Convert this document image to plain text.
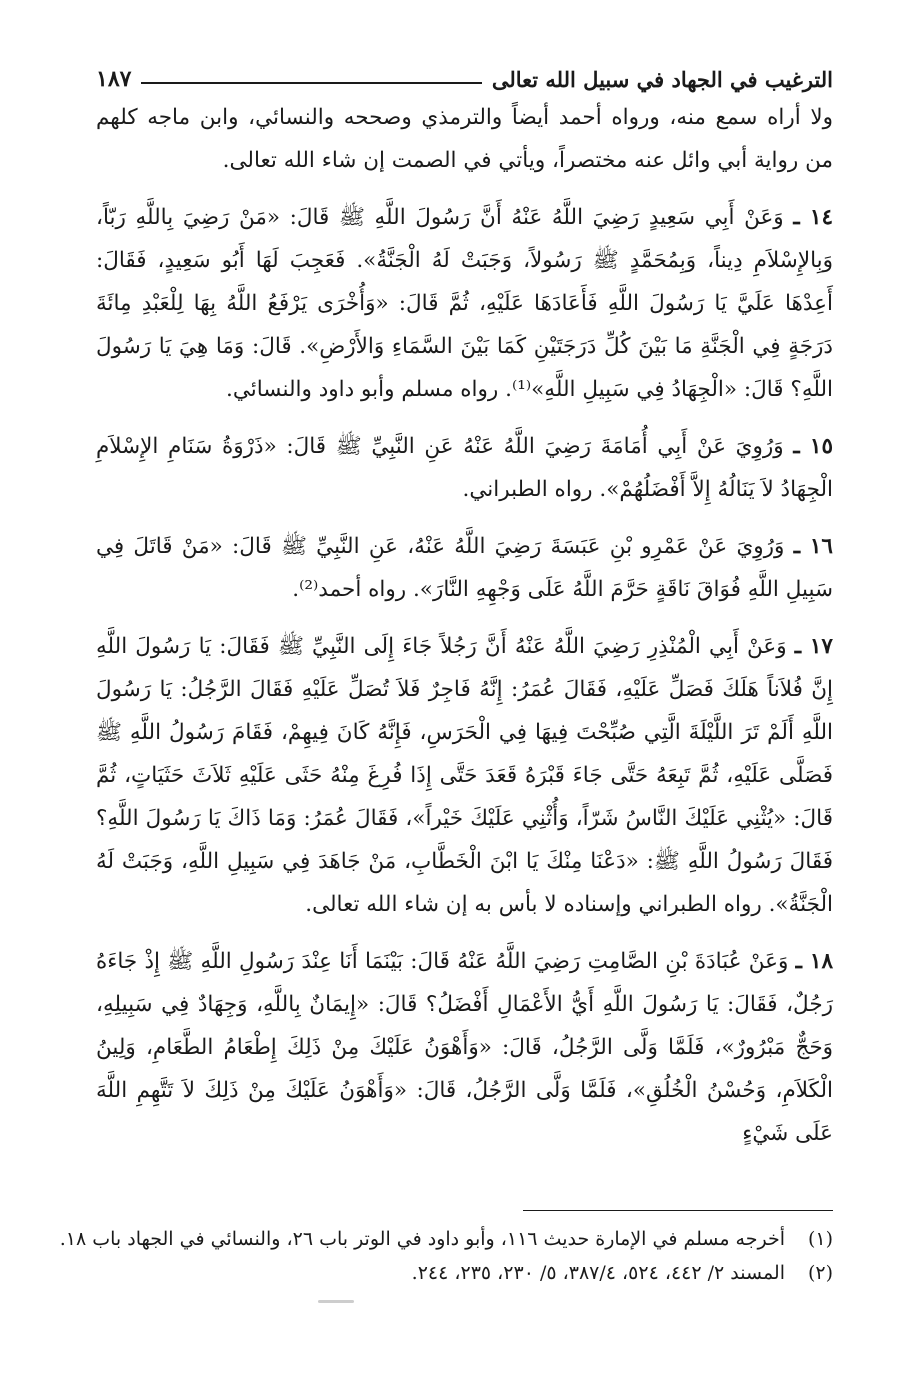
الترغيب في الجهاد في سبيل الله تعالى
١٨٧

ولا أراه سمع منه، ورواه أحمد أيضاً والترمذي وصححه والنسائي، وابن ماجه كلهم من رواية أبي وائل عنه مختصراً، ويأتي في الصمت إن شاء الله تعالى.

١٤ ـ وَعَنْ أَبِي سَعِيدٍ رَضِيَ اللَّهُ عَنْهُ أَنَّ رَسُولَ اللَّهِ ﷺ قَالَ: «مَنْ رَضِيَ بِاللَّهِ رَبّاً، وَبِالإِسْلاَمِ دِيناً، وَبِمُحَمَّدٍ ﷺ رَسُولاً، وَجَبَتْ لَهُ الْجَنَّةُ». فَعَجِبَ لَهَا أَبُو سَعِيدٍ، فَقَالَ: أَعِدْهَا عَلَيَّ يَا رَسُولَ اللَّهِ فَأَعَادَهَا عَلَيْهِ، ثُمَّ قَالَ: «وَأُخْرَى يَرْفَعُ اللَّهُ بِهَا لِلْعَبْدِ مِائَةَ دَرَجَةٍ فِي الْجَنَّةِ مَا بَيْنَ كُلِّ دَرَجَتَيْنِ كَمَا بَيْنَ السَّمَاءِ وَالأَرْضِ». قَالَ: وَمَا هِيَ يَا رَسُولَ اللَّهِ؟ قَالَ: «الْجِهَادُ فِي سَبِيلِ اللَّهِ»⁽¹⁾. رواه مسلم وأبو داود والنسائي.

١٥ ـ وَرُوِيَ عَنْ أَبِي أُمَامَةَ رَضِيَ اللَّهُ عَنْهُ عَنِ النَّبِيِّ ﷺ قَالَ: «ذَرْوَةُ سَنَامِ الإِسْلاَمِ الْجِهَادُ لاَ يَنَالُهُ إِلاَّ أَفْضَلُهُمْ». رواه الطبراني.

١٦ ـ وَرُوِيَ عَنْ عَمْرِو بْنِ عَبَسَةَ رَضِيَ اللَّهُ عَنْهُ، عَنِ النَّبِيِّ ﷺ قَالَ: «مَنْ قَاتَلَ فِي سَبِيلِ اللَّهِ فُوَاقَ نَاقَةٍ حَرَّمَ اللَّهُ عَلَى وَجْهِهِ النَّارَ». رواه أحمد⁽²⁾.

١٧ ـ وَعَنْ أَبِي الْمُنْذِرِ رَضِيَ اللَّهُ عَنْهُ أَنَّ رَجُلاً جَاءَ إِلَى النَّبِيِّ ﷺ فَقَالَ: يَا رَسُولَ اللَّهِ إِنَّ فُلاَناً هَلَكَ فَصَلِّ عَلَيْهِ، فَقَالَ عُمَرُ: إِنَّهُ فَاجِرٌ فَلاَ تُصَلِّ عَلَيْهِ فَقَالَ الرَّجُلُ: يَا رَسُولَ اللَّهِ أَلَمْ تَرَ اللَّيْلَةَ الَّتِي صُبِّحْتَ فِيهَا فِي الْحَرَسِ، فَإِنَّهُ كَانَ فِيهِمْ، فَقَامَ رَسُولُ اللَّهِ ﷺ فَصَلَّى عَلَيْهِ، ثُمَّ تَبِعَهُ حَتَّى جَاءَ قَبْرَهُ قَعَدَ حَتَّى إِذَا فُرِغَ مِنْهُ حَثَى عَلَيْهِ ثَلاَثَ حَثَيَاتٍ، ثُمَّ قَالَ: «يُثْنِي عَلَيْكَ النَّاسُ شَرّاً، وَأُثْنِي عَلَيْكَ خَيْراً»، فَقَالَ عُمَرُ: وَمَا ذَاكَ يَا رَسُولَ اللَّهِ؟ فَقَالَ رَسُولُ اللَّهِ ﷺ: «دَعْنَا مِنْكَ يَا ابْنَ الْخَطَّابِ، مَنْ جَاهَدَ فِي سَبِيلِ اللَّهِ، وَجَبَتْ لَهُ الْجَنَّةُ». رواه الطبراني وإسناده لا بأس به إن شاء الله تعالى.

١٨ ـ وَعَنْ عُبَادَةَ بْنِ الصَّامِتِ رَضِيَ اللَّهُ عَنْهُ قَالَ: بَيْنَمَا أَنَا عِنْدَ رَسُولِ اللَّهِ ﷺ إِذْ جَاءَهُ رَجُلٌ، فَقَالَ: يَا رَسُولَ اللَّهِ أَيُّ الأَعْمَالِ أَفْضَلُ؟ قَالَ: «إِيمَانٌ بِاللَّهِ، وَجِهَادٌ فِي سَبِيلِهِ، وَحَجٌّ مَبْرُورٌ»، فَلَمَّا وَلَّى الرَّجُلُ، قَالَ: «وَأَهْوَنُ عَلَيْكَ مِنْ ذَلِكَ إِطْعَامُ الطَّعَامِ، وَلِينُ الْكَلاَمِ، وَحُسْنُ الْخُلُقِ»، فَلَمَّا وَلَّى الرَّجُلُ، قَالَ: «وَأَهْوَنُ عَلَيْكَ مِنْ ذَلِكَ لاَ تَتَّهِمِ اللَّهَ عَلَى شَيْءٍ

(١)
أخرجه مسلم في الإمارة حديث ١١٦، وأبو داود في الوتر باب ٢٦، والنسائي في الجهاد باب ١٨.
(٢)
المسند ٢/ ٤٤٢، ٥٢٤، ٣٨٧/٤، ٥/ ٢٣٠، ٢٣٥، ٢٤٤.
